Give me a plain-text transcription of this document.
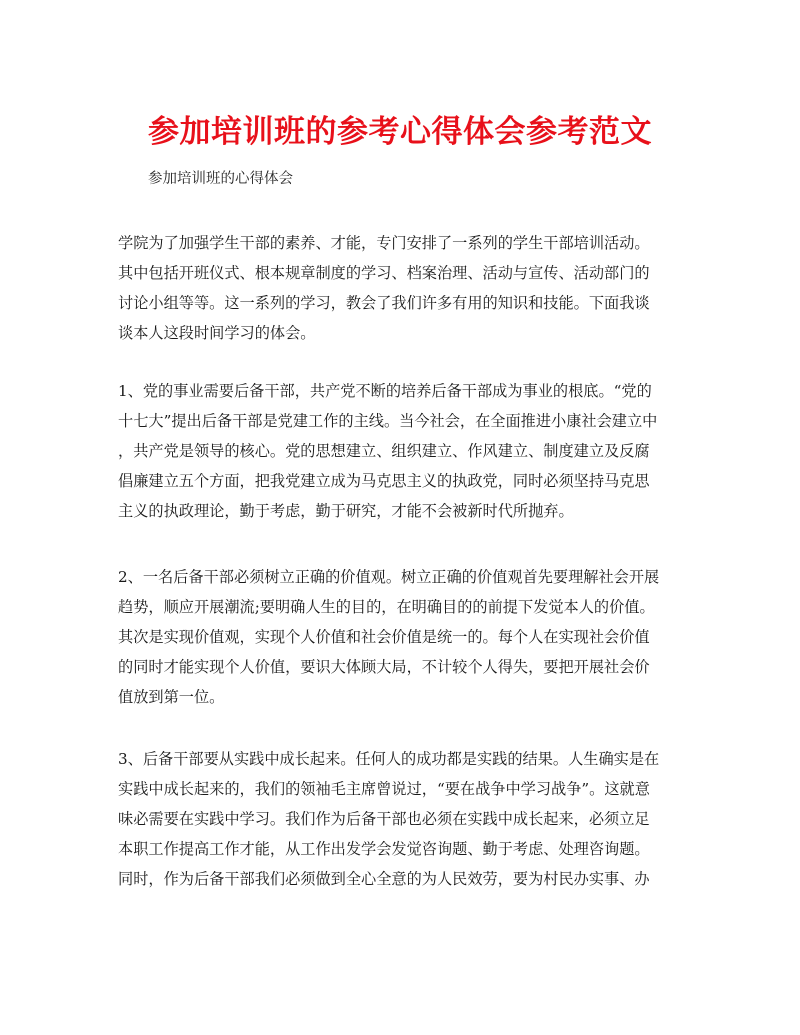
参加培训班的参考心得体会参考范文

参加培训班的心得体会

学院为了加强学生干部的素养、才能，专门安排了一系列的学生干部培训活动。
其中包括开班仪式、根本规章制度的学习、档案治理、活动与宣传、活动部门的
讨论小组等等。这一系列的学习，教会了我们许多有用的知识和技能。下面我谈
谈本人这段时间学习的体会。
1、党的事业需要后备干部，共产党不断的培养后备干部成为事业的根底。“党的
十七大”提出后备干部是党建工作的主线。当今社会，在全面推进小康社会建立中
，共产党是领导的核心。党的思想建立、组织建立、作风建立、制度建立及反腐
倡廉建立五个方面，把我党建立成为马克思主义的执政党，同时必须坚持马克思
主义的执政理论，勤于考虑，勤于研究，才能不会被新时代所抛弃。
2、一名后备干部必须树立正确的价值观。树立正确的价值观首先要理解社会开展
趋势，顺应开展潮流;要明确人生的目的，在明确目的的前提下发觉本人的价值。
其次是实现价值观，实现个人价值和社会价值是统一的。每个人在实现社会价值
的同时才能实现个人价值，要识大体顾大局，不计较个人得失，要把开展社会价
值放到第一位。
3、后备干部要从实践中成长起来。任何人的成功都是实践的结果。人生确实是在
实践中成长起来的，我们的领袖毛主席曾说过，“要在战争中学习战争”。这就意
味必需要在实践中学习。我们作为后备干部也必须在实践中成长起来，必须立足
本职工作提高工作才能，从工作出发学会发觉咨询题、勤于考虑、处理咨询题。
同时，作为后备干部我们必须做到全心全意的为人民效劳，要为村民办实事、办
